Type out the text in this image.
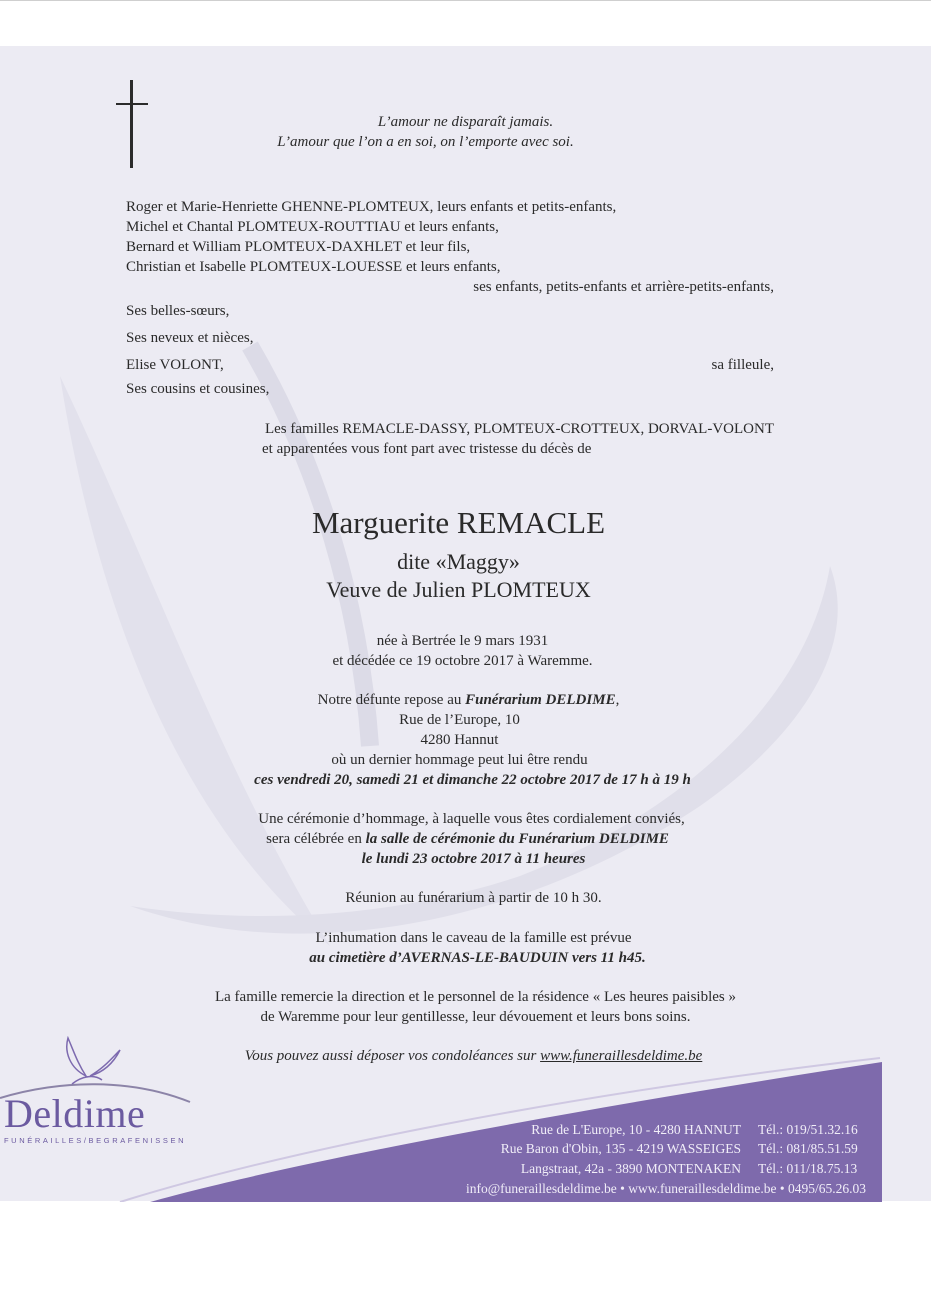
L’amour ne disparaît jamais.
L’amour que l’on a en soi, on l’emporte avec soi.
Roger et Marie-Henriette GHENNE-PLOMTEUX, leurs enfants et petits-enfants,
Michel et Chantal PLOMTEUX-ROUTTIAU et leurs enfants,
Bernard et William PLOMTEUX-DAXHLET et leur fils,
Christian et Isabelle PLOMTEUX-LOUESSE et leurs enfants,
ses enfants, petits-enfants et arrière-petits-enfants,
Ses belles-sœurs,
Ses neveux et nièces,
Elise VOLONT,	sa filleule,
Ses cousins et cousines,
Les familles REMACLE-DASSY, PLOMTEUX-CROTTEUX, DORVAL-VOLONT
et apparentées vous font part avec tristesse du décès de
Marguerite REMACLE
dite «Maggy»
Veuve de Julien PLOMTEUX
née à Bertrée le 9 mars 1931
et décédée ce 19 octobre 2017 à Waremme.
Notre défunte repose au Funérarium DELDIME,
Rue de l’Europe, 10
4280 Hannut
où un dernier hommage peut lui être rendu
ces vendredi 20, samedi 21 et dimanche 22 octobre 2017 de 17 h à 19 h
Une cérémonie d’hommage, à laquelle vous êtes cordialement conviés,
sera célébrée en la salle de cérémonie du Funérarium DELDIME
le lundi 23 octobre 2017 à 11 heures
Réunion au funérarium à partir de 10 h 30.
L’inhumation dans le caveau de la famille est prévue
au cimetière d’AVERNAS-LE-BAUDUIN vers 11 h45.
La famille remercie la direction et le personnel de la résidence « Les heures paisibles »
de Waremme pour leur gentillesse, leur dévouement et leurs bons soins.
Vous pouvez aussi déposer vos condoléances sur www.funeraillesdeldime.be
Deldime
FUNÉRAILLES/BEGRAFENISSEN
Rue de L'Europe, 10 - 4280 HANNUT
Rue Baron d'Obin, 135 - 4219 WASSEIGES
Langstraat, 42a - 3890 MONTENAKEN
Tél.: 019/51.32.16
Tél.: 081/85.51.59
Tél.: 011/18.75.13
info@funeraillesdeldime.be • www.funeraillesdeldime.be • 0495/65.26.03
